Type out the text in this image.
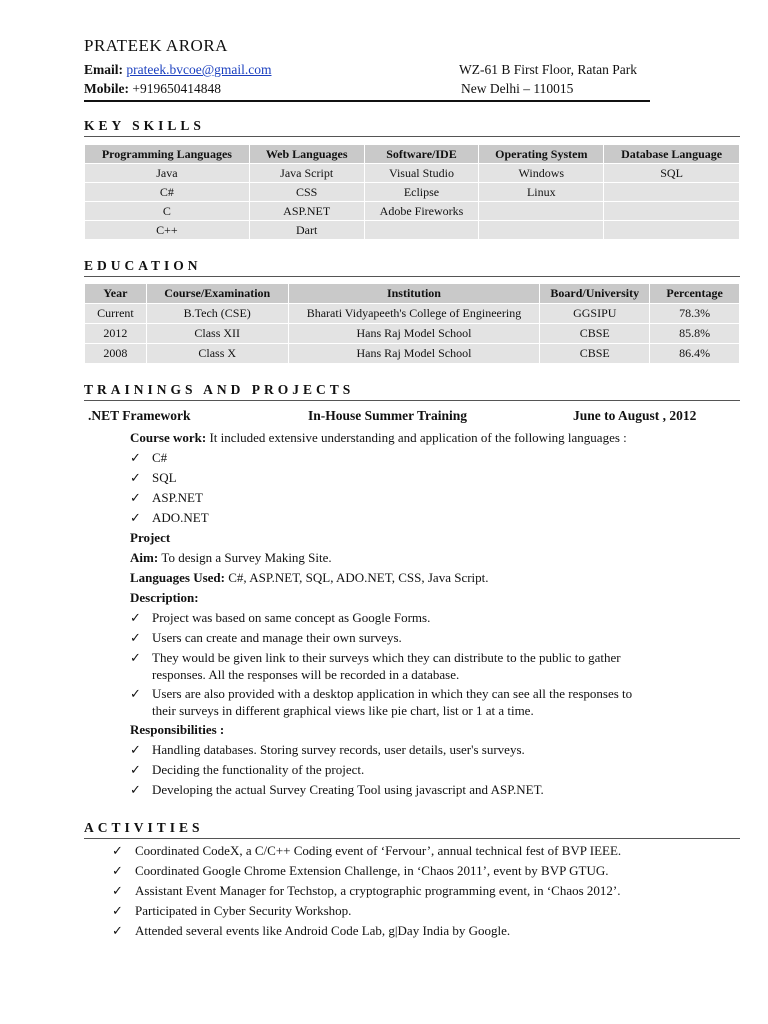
PRATEEK ARORA
Email: prateek.bvcoe@gmail.com
Mobile: +919650414848
WZ-61 B First Floor, Ratan Park
New Delhi – 110015
KEY SKILLS
Programming Languages	Web Languages	Software/IDE	Operating System	Database Language
Java	Java Script	Visual Studio	Windows	SQL
C#	CSS	Eclipse	Linux	
C	ASP.NET	Adobe Fireworks		
C++	Dart			
EDUCATION
Year	Course/Examination	Institution	Board/University	Percentage
Current	B.Tech (CSE)	Bharati Vidyapeeth's College of Engineering	GGSIPU	78.3%
2012	Class XII	Hans Raj Model School	CBSE	85.8%
2008	Class X	Hans Raj Model School	CBSE	86.4%
TRAININGS AND PROJECTS
.NET Framework	In-House Summer Training	June to August , 2012
Course work: It included extensive understanding and application of the following languages :
✓ C#
✓ SQL
✓ ASP.NET
✓ ADO.NET
Project
Aim: To design a Survey Making Site.
Languages Used: C#, ASP.NET, SQL, ADO.NET, CSS, Java Script.
Description:
✓ Project was based on same concept as Google Forms.
✓ Users can create and manage their own surveys.
✓ They would be given link to their surveys which they can distribute to the public to gather
responses. All the responses will be recorded in a database.
✓ Users are also provided with a desktop application in which they can see all the responses to
their surveys in different graphical views like pie chart, list or 1 at a time.
Responsibilities :
✓ Handling databases. Storing survey records, user details, user's surveys.
✓ Deciding the functionality of the project.
✓ Developing the actual Survey Creating Tool using javascript and ASP.NET.
ACTIVITIES
✓ Coordinated CodeX, a C/C++ Coding event of ‘Fervour’, annual technical fest of BVP IEEE.
✓ Coordinated Google Chrome Extension Challenge, in ‘Chaos 2011’, event by BVP GTUG.
✓ Assistant Event Manager for Techstop, a cryptographic programming event, in ‘Chaos 2012’.
✓ Participated in Cyber Security Workshop.
✓ Attended several events like Android Code Lab, g|Day India by Google.
